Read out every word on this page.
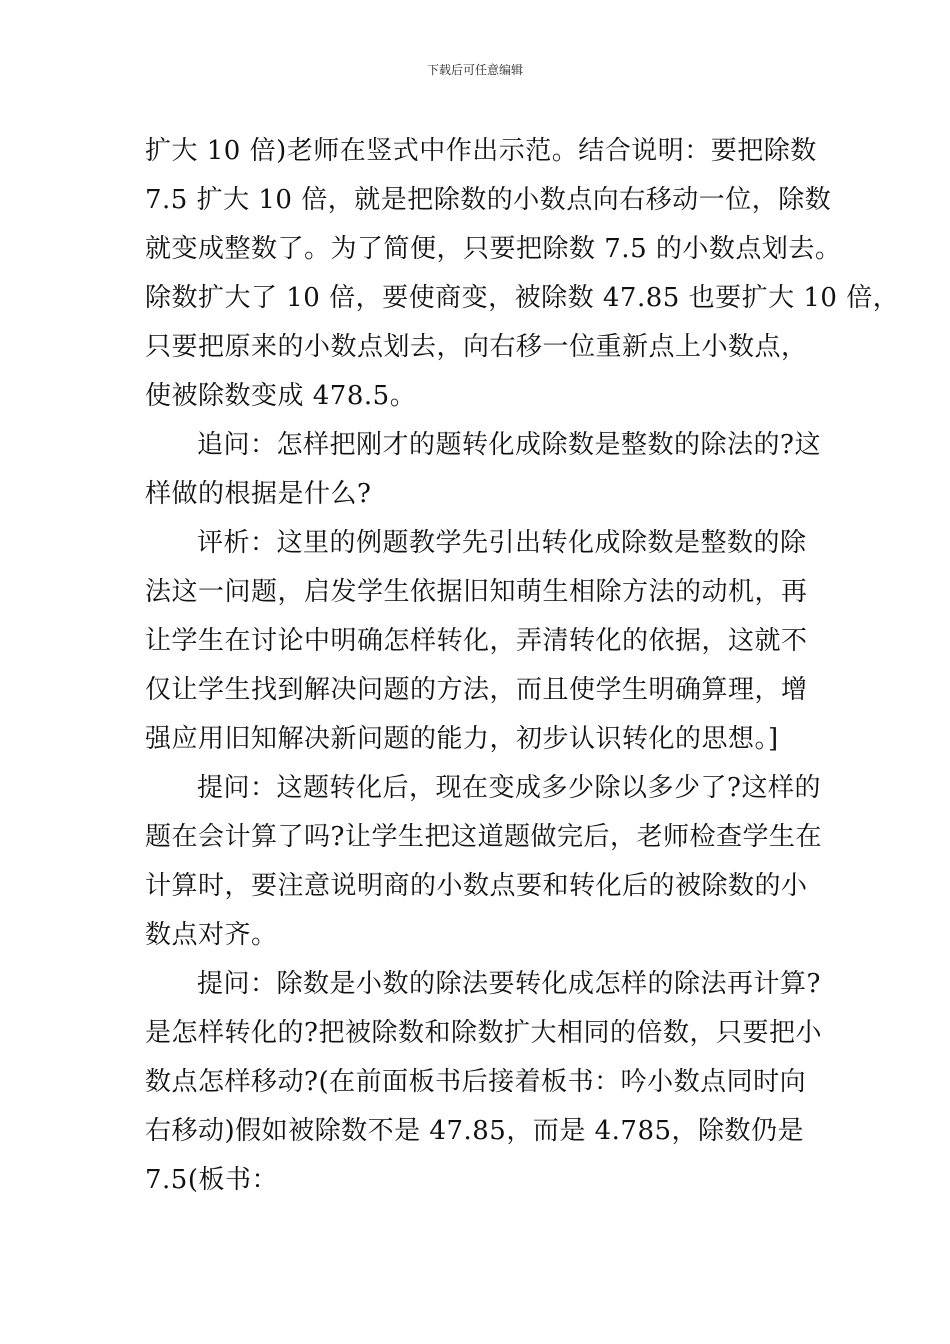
下载后可任意编辑
扩大 10 倍)老师在竖式中作出示范。结合说明：要把除数
7.5 扩大 10 倍，就是把除数的小数点向右移动一位，除数
就变成整数了。为了简便，只要把除数 7.5 的小数点划去。
除数扩大了 10 倍，要使商变，被除数 47.85 也要扩大 10 倍，
只要把原来的小数点划去，向右移一位重新点上小数点，
使被除数变成 478.5。
追问：怎样把刚才的题转化成除数是整数的除法的?这
样做的根据是什么?
评析：这里的例题教学先引出转化成除数是整数的除
法这一问题，启发学生依据旧知萌生相除方法的动机，再
让学生在讨论中明确怎样转化，弄清转化的依据，这就不
仅让学生找到解决问题的方法，而且使学生明确算理，增
强应用旧知解决新问题的能力，初步认识转化的思想。]
提问：这题转化后，现在变成多少除以多少了?这样的
题在会计算了吗?让学生把这道题做完后，老师检查学生在
计算时，要注意说明商的小数点要和转化后的被除数的小
数点对齐。
提问：除数是小数的除法要转化成怎样的除法再计算?
是怎样转化的?把被除数和除数扩大相同的倍数，只要把小
数点怎样移动?(在前面板书后接着板书：吟小数点同时向
右移动)假如被除数不是 47.85，而是 4.785，除数仍是
7.5(板书：
